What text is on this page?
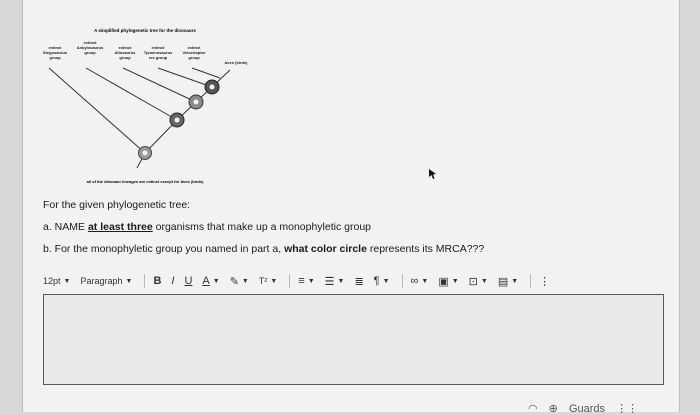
A simplified phylogenetic tree for the dinosaurs
extinct Stegosaurus group
extinct Ankylosaurus group
extinct Allosaurus group
extinct Tyrannosaurus rex group
extinct Velociraptor group
Aves (birds)
all of the dinosaur lineages are extinct except for Aves (birds)
For the given phylogenetic tree:
a. NAME at least three organisms that make up a monophyletic group
b. For the monophyletic group you named in part a, what color circle represents its MRCA???
12pt ▼ Paragraph ▼ B I U A ▼ ✎ ▼ T² ▼ ≡ ▼ ☰ ▼ ≣ ¶ ▼ ∞ ▼ ▣ ▼ ⊡ ▼ ▤ ▼ ⋮
◠ ⊕ Guards ⋮⋮
